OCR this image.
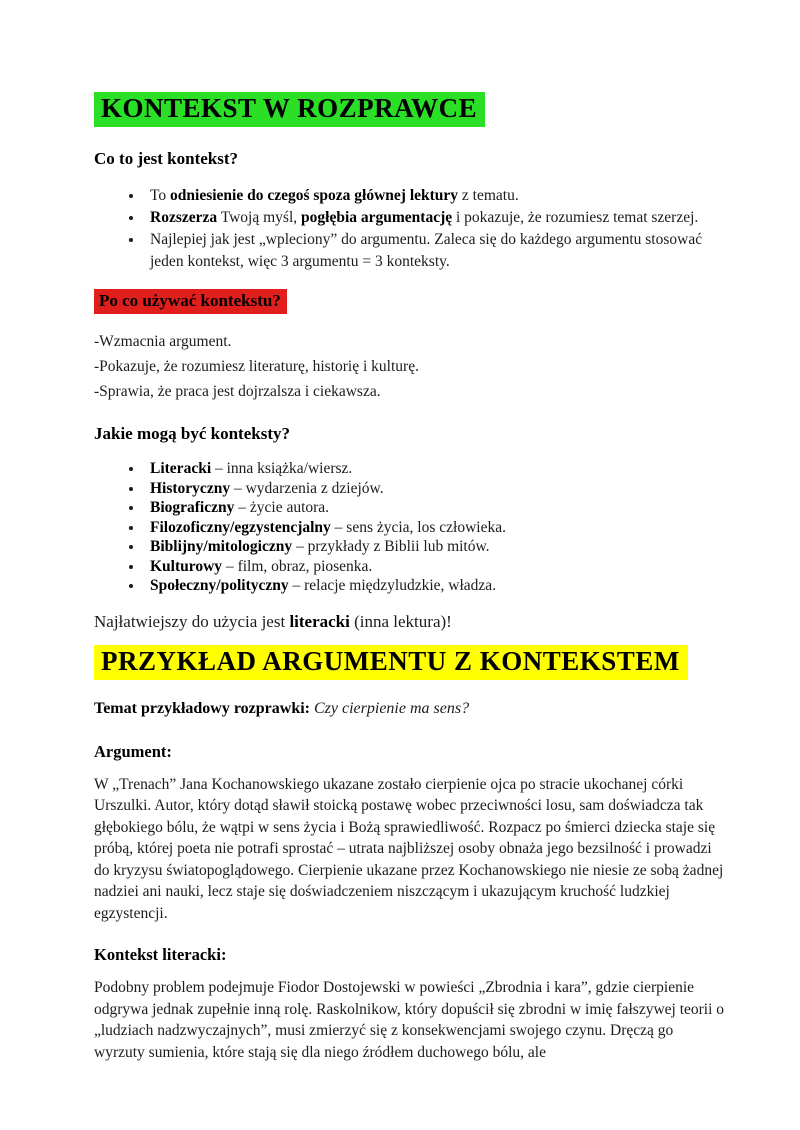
KONTEKST W ROZPRAWCE
Co to jest kontekst?
• To odniesienie do czegoś spoza głównej lektury z tematu.
• Rozszerza Twoją myśl, pogłębia argumentację i pokazuje, że rozumiesz temat szerzej.
• Najlepiej jak jest „wpleciony” do argumentu. Zaleca się do każdego argumentu stosować jeden kontekst, więc 3 argumentu = 3 konteksty.
Po co używać kontekstu?
-Wzmacnia argument.
-Pokazuje, że rozumiesz literaturę, historię i kulturę.
-Sprawia, że praca jest dojrzalsza i ciekawsza.
Jakie mogą być konteksty?
• Literacki – inna książka/wiersz.
• Historyczny – wydarzenia z dziejów.
• Biograficzny – życie autora.
• Filozoficzny/egzystencjalny – sens życia, los człowieka.
• Biblijny/mitologiczny – przykłady z Biblii lub mitów.
• Kulturowy – film, obraz, piosenka.
• Społeczny/polityczny – relacje międzyludzkie, władza.
Najłatwiejszy do użycia jest literacki (inna lektura)!
PRZYKŁAD ARGUMENTU Z KONTEKSTEM
Temat przykładowy rozprawki: Czy cierpienie ma sens?
Argument:

W „Trenach” Jana Kochanowskiego ukazane zostało cierpienie ojca po stracie ukochanej córki Urszulki. Autor, który dotąd sławił stoicką postawę wobec przeciwności losu, sam doświadcza tak głębokiego bólu, że wątpi w sens życia i Bożą sprawiedliwość. Rozpacz po śmierci dziecka staje się próbą, której poeta nie potrafi sprostać – utrata najbliższej osoby obnaża jego bezsilność i prowadzi do kryzysu światopoglądowego. Cierpienie ukazane przez Kochanowskiego nie niesie ze sobą żadnej nadziei ani nauki, lecz staje się doświadczeniem niszczącym i ukazującym kruchość ludzkiej egzystencji.

Kontekst literacki:

Podobny problem podejmuje Fiodor Dostojewski w powieści „Zbrodnia i kara”, gdzie cierpienie odgrywa jednak zupełnie inną rolę. Raskolnikow, który dopuścił się zbrodni w imię fałszywej teorii o „ludziach nadzwyczajnych”, musi zmierzyć się z konsekwencjami swojego czynu. Dręczą go wyrzuty sumienia, które stają się dla niego źródłem duchowego bólu, ale
